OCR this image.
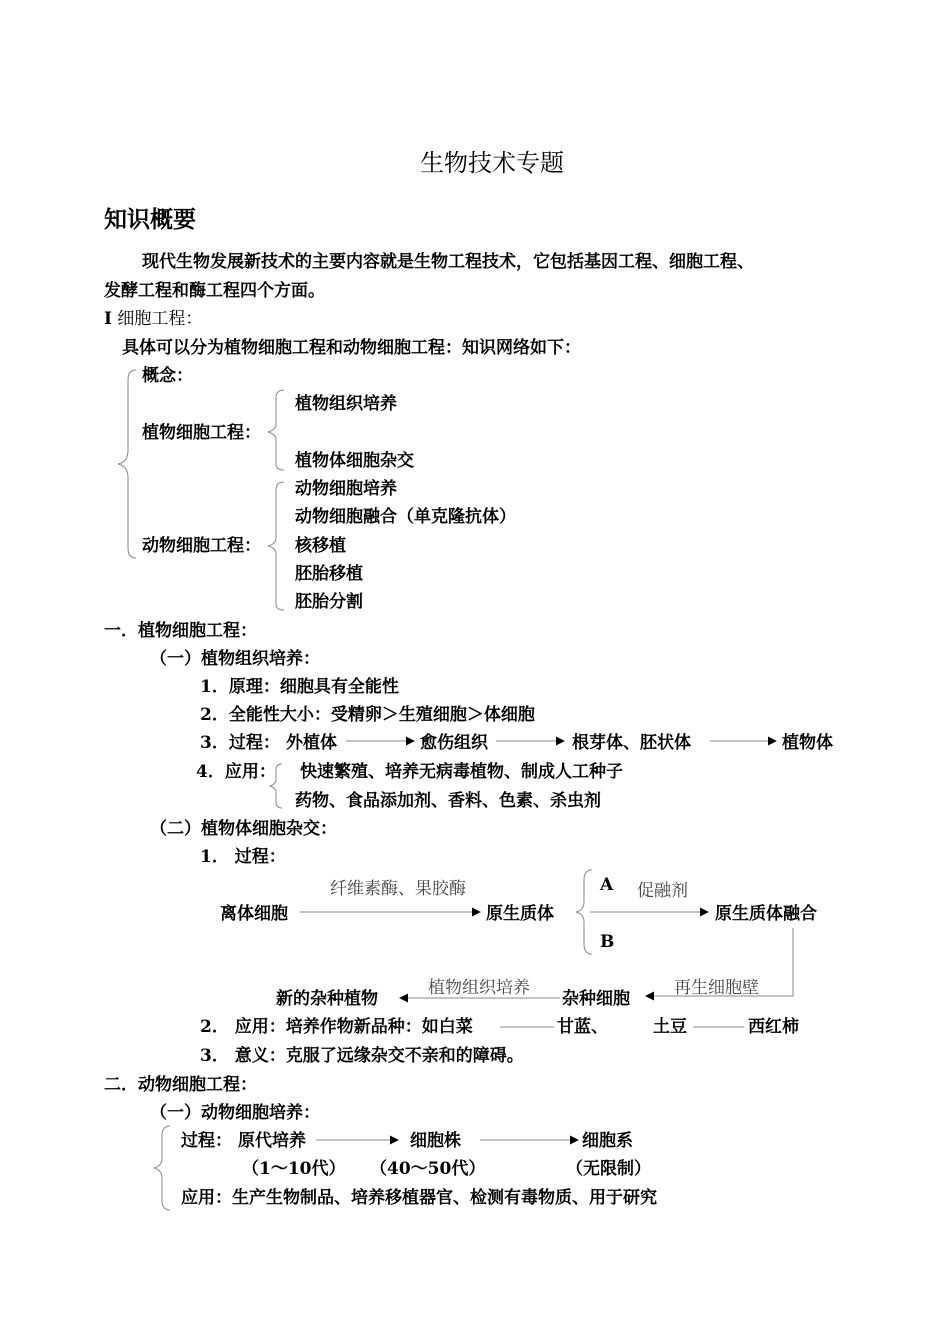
生物技术专题
知识概要
现代生物发展新技术的主要内容就是生物工程技术，它包括基因工程、细胞工程、
发酵工程和酶工程四个方面。
I 细胞工程：
具体可以分为植物细胞工程和动物细胞工程：知识网络如下：
概念：
植物细胞工程：
植物组织培养
植物体细胞杂交
动物细胞工程：
动物细胞培养
动物细胞融合（单克隆抗体）
核移植
胚胎移植
胚胎分割
一．植物细胞工程：
（一）植物组织培养：
1．原理：细胞具有全能性
2．全能性大小：受精卵＞生殖细胞＞体细胞
3．过程： 外植体	愈伤组织	根芽体、胚状体	植物体
4．应用： 快速繁殖、培养无病毒植物、制成人工种子
药物、食品添加剂、香料、色素、杀虫剂
（二）植物体细胞杂交：
1． 过程：
纤维素酶、果胶酶
离体细胞	原生质体
A 促融剂
B
原生质体融合
再生细胞壁
植物组织培养
杂种细胞
新的杂种植物
2． 应用：培养作物新品种：如白菜	甘蓝、	土豆	西红柿
3． 意义：克服了远缘杂交不亲和的障碍。
二．动物细胞工程：
（一）动物细胞培养：
过程： 原代培养	细胞株	细胞系
（1～10代） （40～50代）	（无限制）
应用：生产生物制品、培养移植器官、检测有毒物质、用于研究
